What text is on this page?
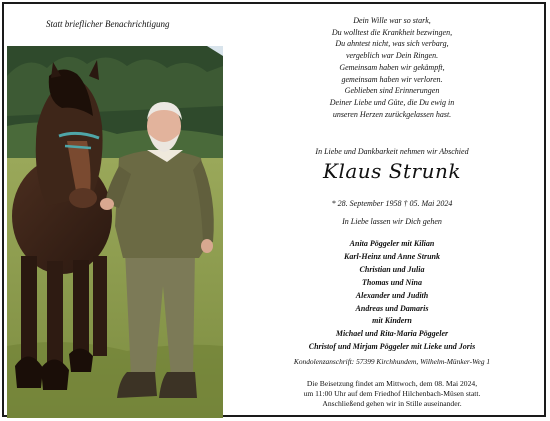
Statt brieflicher Benachrichtigung	Dein Wille war so stark,
Du wolltest die Krankheit bezwingen,
Du ahntest nicht, was sich verbarg,
vergeblich war Dein Ringen.
Gemeinsam haben wir gekämpft,
gemeinsam haben wir verloren.
Geblieben sind Erinnerungen
Deiner Liebe und Güte, die Du ewig in
unseren Herzen zurückgelassen hast.
In Liebe und Dankbarkeit nehmen wir Abschied
Klaus Strunk
* 28. September 1958 † 05. Mai 2024
In Liebe lassen wir Dich gehen
Anita Pöggeler mit Kilian
Karl-Heinz und Anne Strunk
Christian und Julia
Thomas und Nina
Alexander und Judith
Andreas und Damaris
mit Kindern
Michael und Rita-Maria Pöggeler
Christof und Mirjam Pöggeler mit Lieke und Joris
Kondolenzanschrift: 57399 Kirchhundem, Wilhelm-Münker-Weg 1
Die Beisetzung findet am Mittwoch, dem 08. Mai 2024,
um 11:00 Uhr auf dem Friedhof Hilchenbach-Müsen statt.
Anschließend gehen wir in Stille auseinander.
